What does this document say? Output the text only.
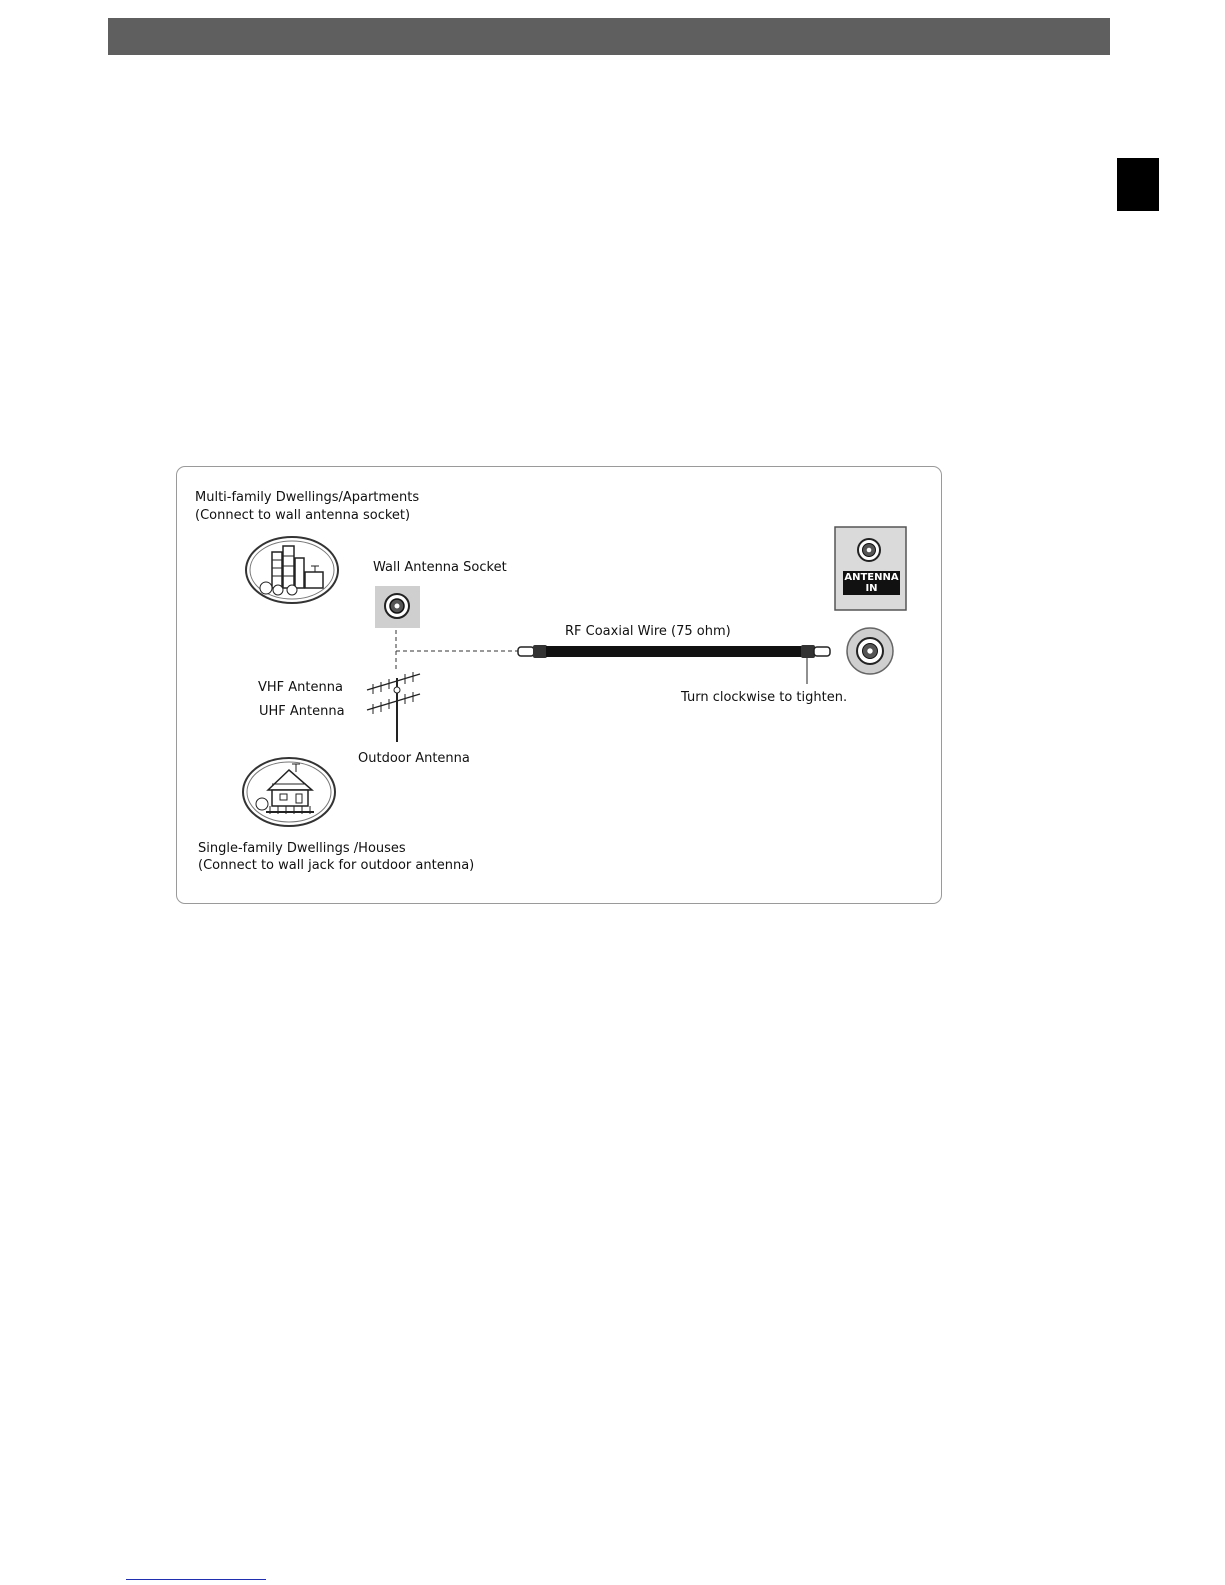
ANTENNA
IN
Multi-family Dwellings/Apartments
(Connect to wall antenna socket)
Wall Antenna Socket
RF Coaxial Wire (75 ohm)
Turn clockwise to tighten.
VHF Antenna
UHF Antenna
Outdoor Antenna
Single-family Dwellings /Houses
(Connect to wall jack for outdoor antenna)
